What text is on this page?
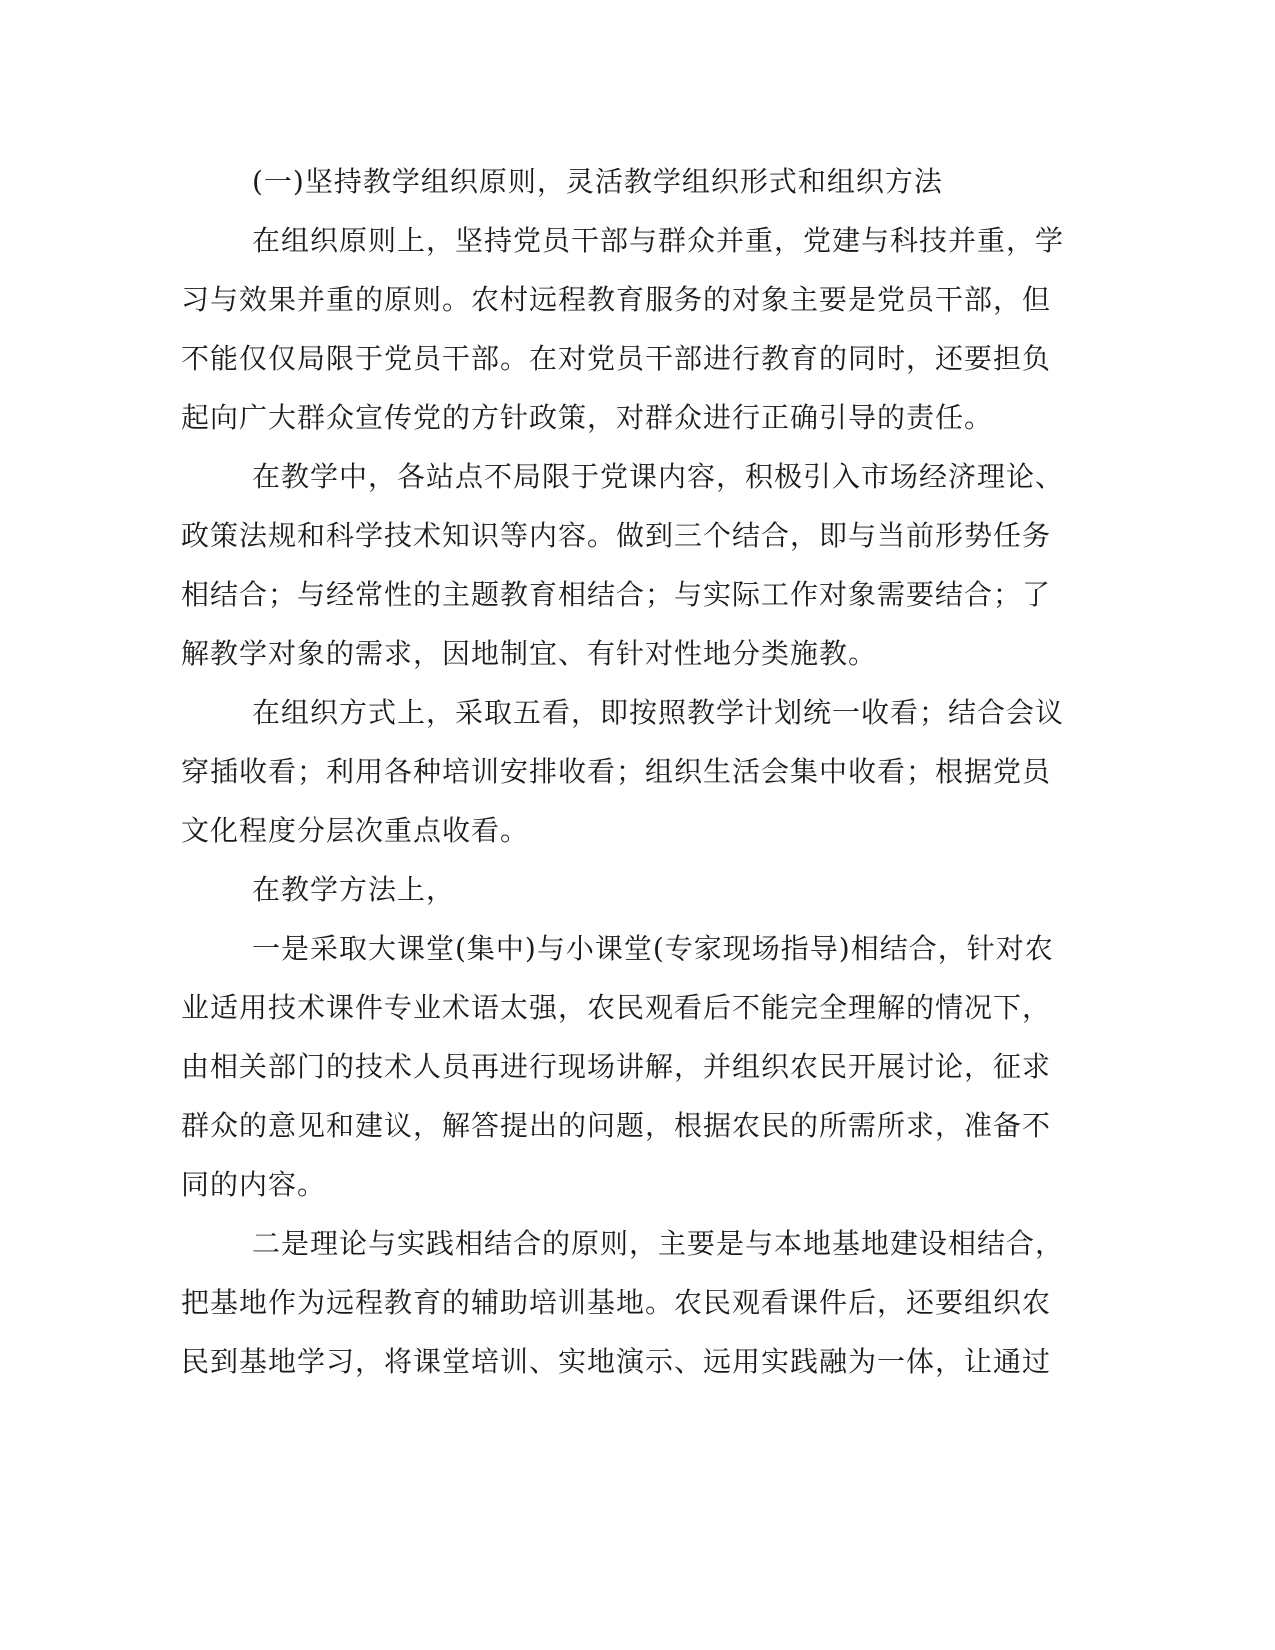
(一)坚持教学组织原则，灵活教学组织形式和组织方法
在组织原则上，坚持党员干部与群众并重，党建与科技并重，学
习与效果并重的原则。农村远程教育服务的对象主要是党员干部，但
不能仅仅局限于党员干部。在对党员干部进行教育的同时，还要担负
起向广大群众宣传党的方针政策，对群众进行正确引导的责任。
在教学中，各站点不局限于党课内容，积极引入市场经济理论、
政策法规和科学技术知识等内容。做到三个结合，即与当前形势任务
相结合；与经常性的主题教育相结合；与实际工作对象需要结合；了
解教学对象的需求，因地制宜、有针对性地分类施教。
在组织方式上，采取五看，即按照教学计划统一收看；结合会议
穿插收看；利用各种培训安排收看；组织生活会集中收看；根据党员
文化程度分层次重点收看。
在教学方法上，
一是采取大课堂(集中)与小课堂(专家现场指导)相结合，针对农
业适用技术课件专业术语太强，农民观看后不能完全理解的情况下，
由相关部门的技术人员再进行现场讲解，并组织农民开展讨论，征求
群众的意见和建议，解答提出的问题，根据农民的所需所求，准备不
同的内容。
二是理论与实践相结合的原则，主要是与本地基地建设相结合，
把基地作为远程教育的辅助培训基地。农民观看课件后，还要组织农
民到基地学习，将课堂培训、实地演示、远用实践融为一体，让通过
